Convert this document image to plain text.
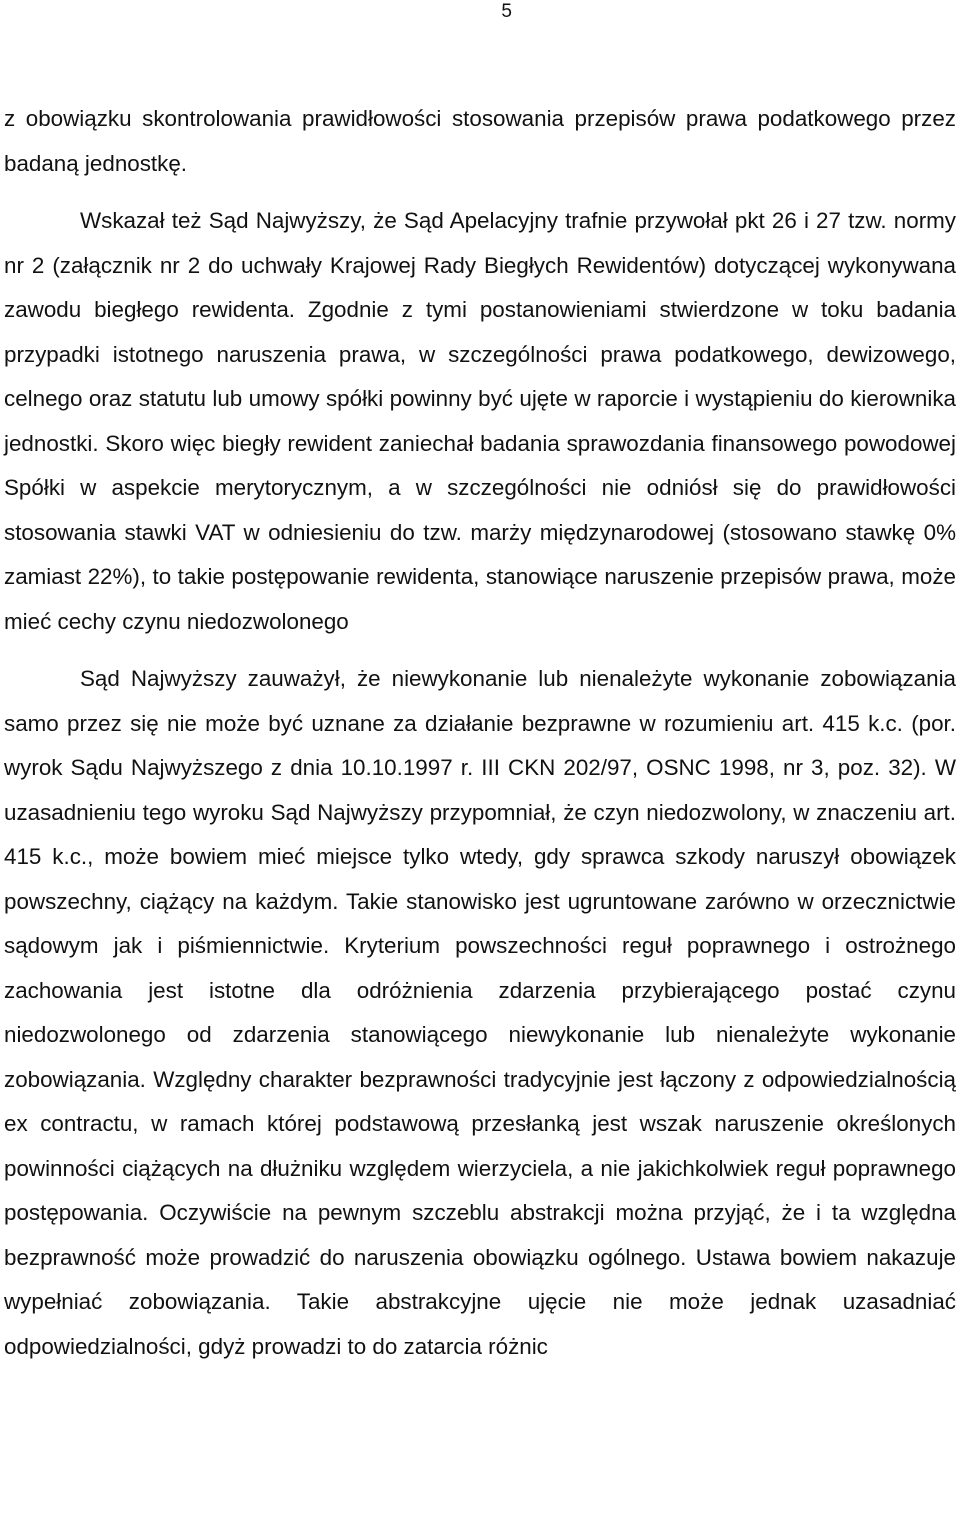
5

z obowiązku skontrolowania prawidłowości stosowania przepisów prawa podatkowego przez badaną jednostkę.

Wskazał też Sąd Najwyższy, że Sąd Apelacyjny trafnie przywołał pkt 26 i 27 tzw. normy nr 2 (załącznik nr 2 do uchwały Krajowej Rady Biegłych Rewidentów) dotyczącej wykonywana zawodu biegłego rewidenta. Zgodnie z tymi postanowieniami stwierdzone w toku badania przypadki istotnego naruszenia prawa, w szczególności prawa podatkowego, dewizowego, celnego oraz statutu lub umowy spółki powinny być ujęte w raporcie i wystąpieniu do kierownika jednostki. Skoro więc biegły rewident zaniechał badania sprawozdania finansowego powodowej Spółki w aspekcie merytorycznym, a w szczególności nie odniósł się do prawidłowości stosowania stawki VAT w odniesieniu do tzw. marży międzynarodowej (stosowano stawkę 0% zamiast 22%), to takie postępowanie rewidenta, stanowiące naruszenie przepisów prawa, może mieć cechy czynu niedozwolonego

Sąd Najwyższy zauważył, że niewykonanie lub nienależyte wykonanie zobowiązania samo przez się nie może być uznane za działanie bezprawne w rozumieniu art. 415 k.c. (por. wyrok Sądu Najwyższego z dnia 10.10.1997 r. III CKN 202/97, OSNC 1998, nr 3, poz. 32). W uzasadnieniu tego wyroku Sąd Najwyższy przypomniał, że czyn niedozwolony, w znaczeniu art. 415 k.c., może bowiem mieć miejsce tylko wtedy, gdy sprawca szkody naruszył obowiązek powszechny, ciążący na każdym. Takie stanowisko jest ugruntowane zarówno w orzecznictwie sądowym jak i piśmiennictwie. Kryterium powszechności reguł poprawnego i ostrożnego zachowania jest istotne dla odróżnienia zdarzenia przybierającego postać czynu niedozwolonego od zdarzenia stanowiącego niewykonanie lub nienależyte wykonanie zobowiązania. Względny charakter bezprawności tradycyjnie jest łączony z odpowiedzialnością ex contractu, w ramach której podstawową przesłanką jest wszak naruszenie określonych powinności ciążących na dłużniku względem wierzyciela, a nie jakichkolwiek reguł poprawnego postępowania. Oczywiście na pewnym szczeblu abstrakcji można przyjąć, że i ta względna bezprawność może prowadzić do naruszenia obowiązku ogólnego. Ustawa bowiem nakazuje wypełniać zobowiązania. Takie abstrakcyjne ujęcie nie może jednak uzasadniać odpowiedzialności, gdyż prowadzi to do zatarcia różnic
